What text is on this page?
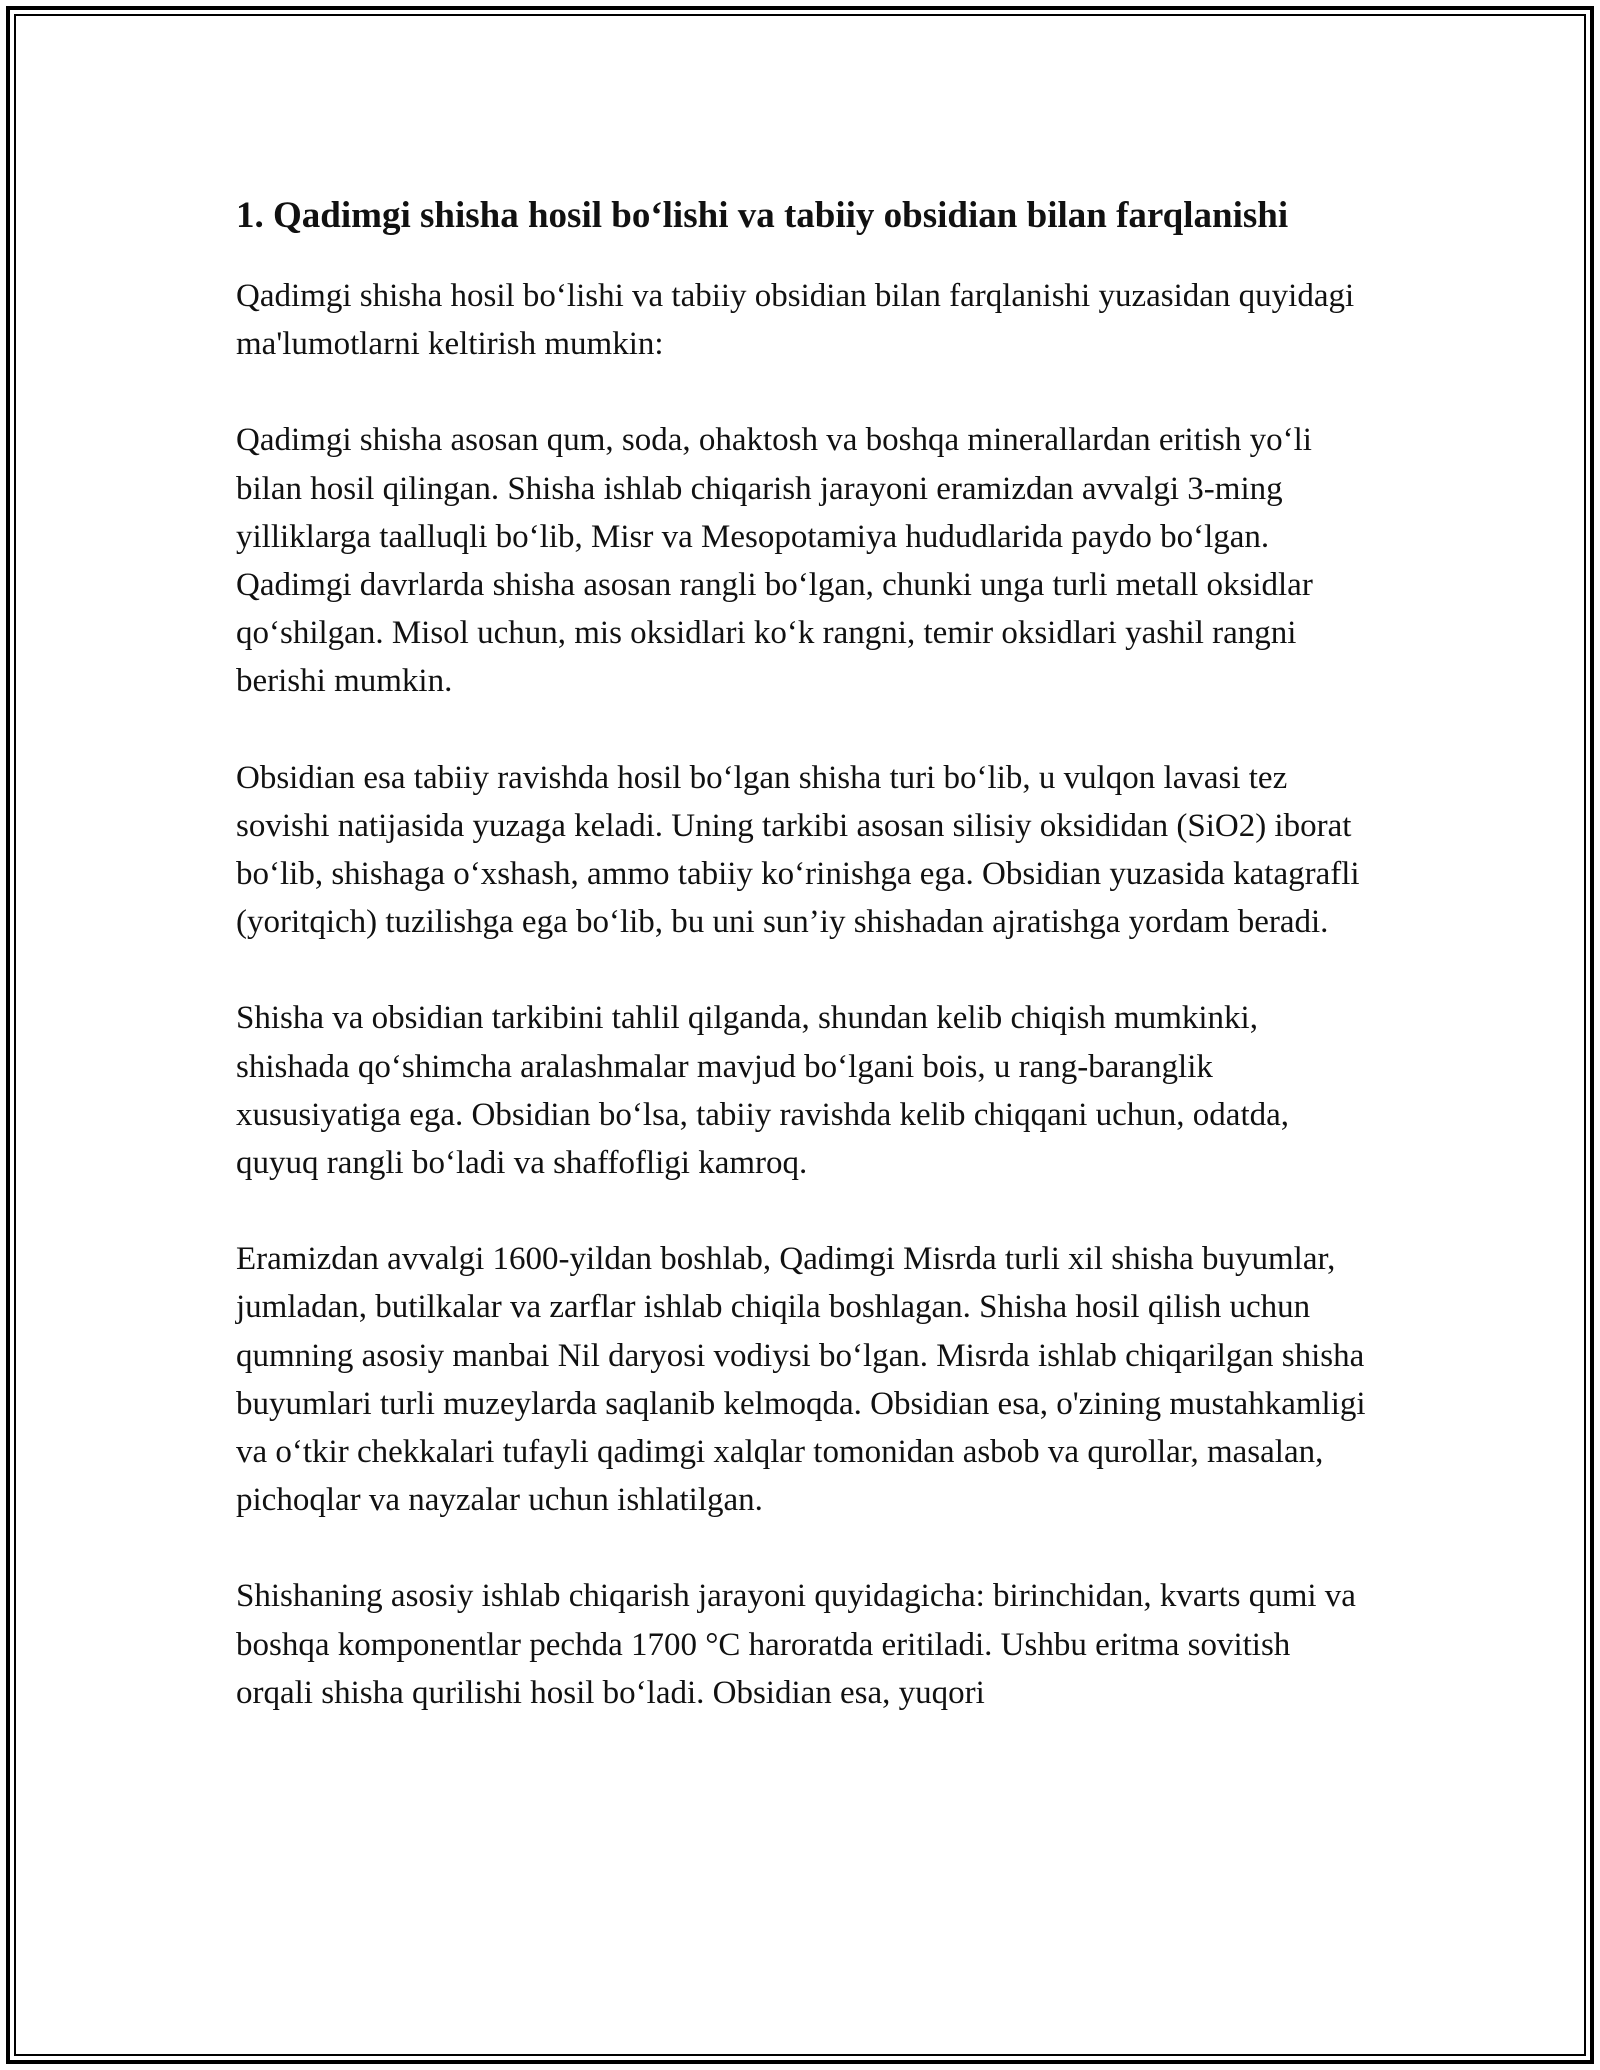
1. Qadimgi shisha hosil bo‘lishi va tabiiy obsidian bilan farqlanishi

Qadimgi shisha hosil bo‘lishi va tabiiy obsidian bilan farqlanishi yuzasidan quyidagi ma'lumotlarni keltirish mumkin:

Qadimgi shisha asosan qum, soda, ohaktosh va boshqa minerallardan eritish yo‘li bilan hosil qilingan. Shisha ishlab chiqarish jarayoni eramizdan avvalgi 3-ming yilliklarga taalluqli bo‘lib, Misr va Mesopotamiya hududlarida paydo bo‘lgan. Qadimgi davrlarda shisha asosan rangli bo‘lgan, chunki unga turli metall oksidlar qo‘shilgan. Misol uchun, mis oksidlari ko‘k rangni, temir oksidlari yashil rangni berishi mumkin.

Obsidian esa tabiiy ravishda hosil bo‘lgan shisha turi bo‘lib, u vulqon lavasi tez sovishi natijasida yuzaga keladi. Uning tarkibi asosan silisiy oksididan (SiO2) iborat bo‘lib, shishaga o‘xshash, ammo tabiiy ko‘rinishga ega. Obsidian yuzasida katagrafli (yoritqich) tuzilishga ega bo‘lib, bu uni sun’iy shishadan ajratishga yordam beradi.

Shisha va obsidian tarkibini tahlil qilganda, shundan kelib chiqish mumkinki, shishada qo‘shimcha aralashmalar mavjud bo‘lgani bois, u rang-baranglik xususiyatiga ega. Obsidian bo‘lsa, tabiiy ravishda kelib chiqqani uchun, odatda, quyuq rangli bo‘ladi va shaffofligi kamroq.

Eramizdan avvalgi 1600-yildan boshlab, Qadimgi Misrda turli xil shisha buyumlar, jumladan, butilkalar va zarflar ishlab chiqila boshlagan. Shisha hosil qilish uchun qumning asosiy manbai Nil daryosi vodiysi bo‘lgan. Misrda ishlab chiqarilgan shisha buyumlari turli muzeylarda saqlanib kelmoqda. Obsidian esa, o'zining mustahkamligi va o‘tkir chekkalari tufayli qadimgi xalqlar tomonidan asbob va qurollar, masalan, pichoqlar va nayzalar uchun ishlatilgan.

Shishaning asosiy ishlab chiqarish jarayoni quyidagicha: birinchidan, kvarts qumi va boshqa komponentlar pechda 1700 °C haroratda eritiladi. Ushbu eritma sovitish orqali shisha qurilishi hosil bo‘ladi. Obsidian esa, yuqori
